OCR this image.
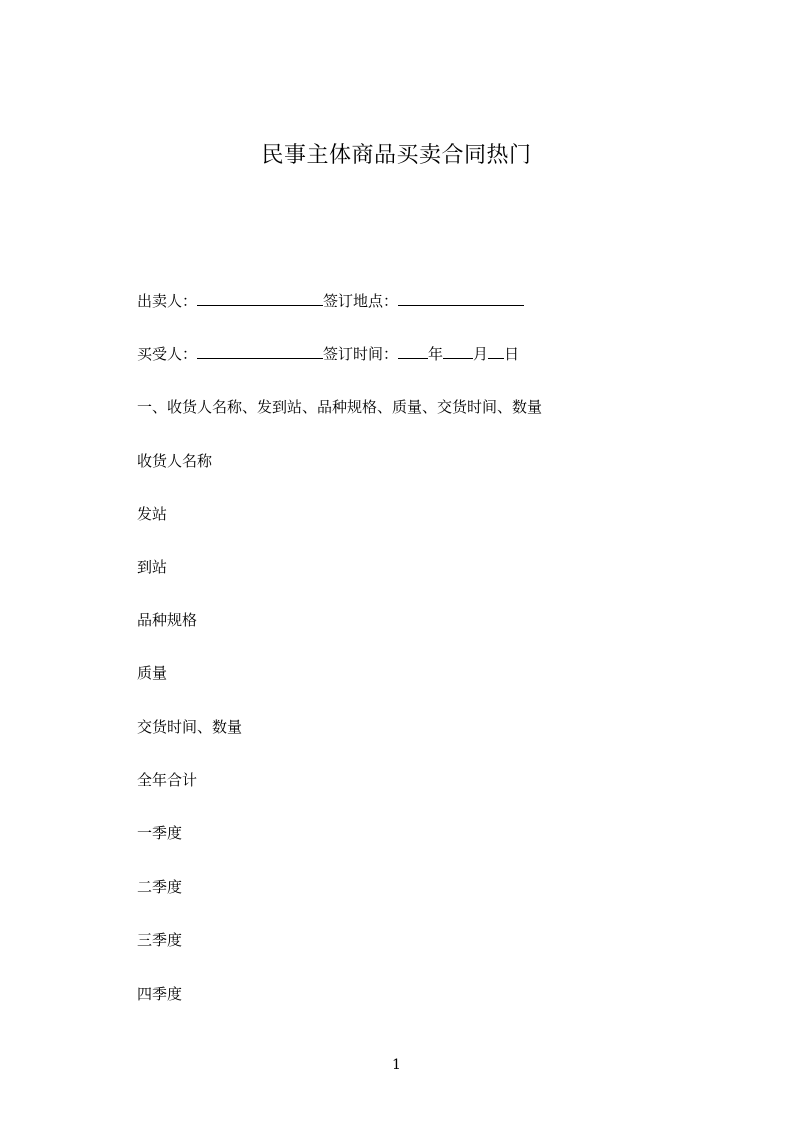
民事主体商品买卖合同热门
出卖人：	签订地点：
买受人：	签订时间： 年 月 日
一、收货人名称、发到站、品种规格、质量、交货时间、数量
收货人名称
发站
到站
品种规格
质量
交货时间、数量
全年合计
一季度
二季度
三季度
四季度
1
